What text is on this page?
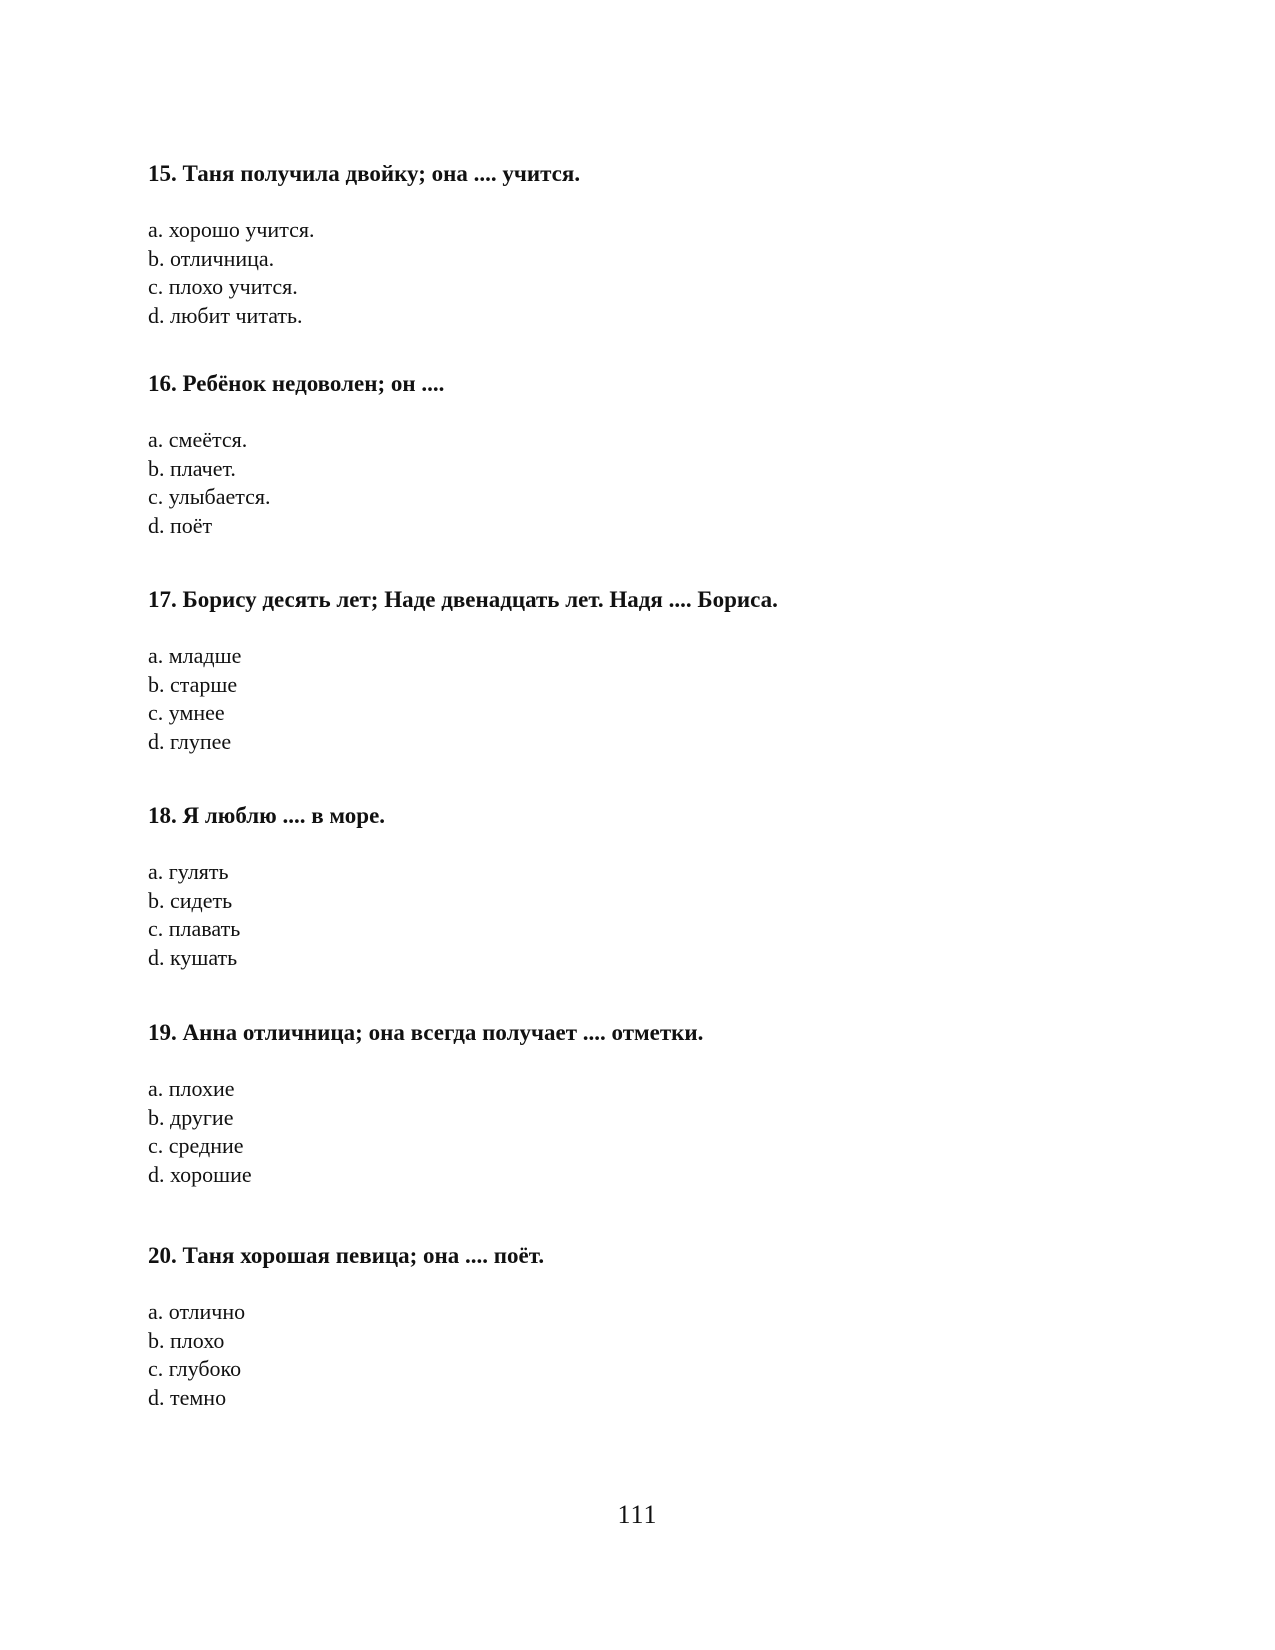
15. Таня получила двойку; она .... учится.

a. хорошо учится.
b. отличница.
c. плохо учится.
d. любит читать.

16. Ребёнок недоволен; он ....

a. смеётся.
b. плачет.
c. улыбается.
d. поёт

17. Борису десять лет; Наде двенадцать лет. Надя .... Бориса.

a. младше
b. старше
c. умнее
d. глупее

18. Я люблю .... в море.

a. гулять
b. сидеть
c. плавать
d. кушать

19. Анна отличница; она всегда получает .... отметки.

a. плохие
b. другие
c. средние
d. хорошие

20. Таня хорошая певица; она .... поёт.

a. отлично
b. плохо
c. глубоко
d. темно
111
